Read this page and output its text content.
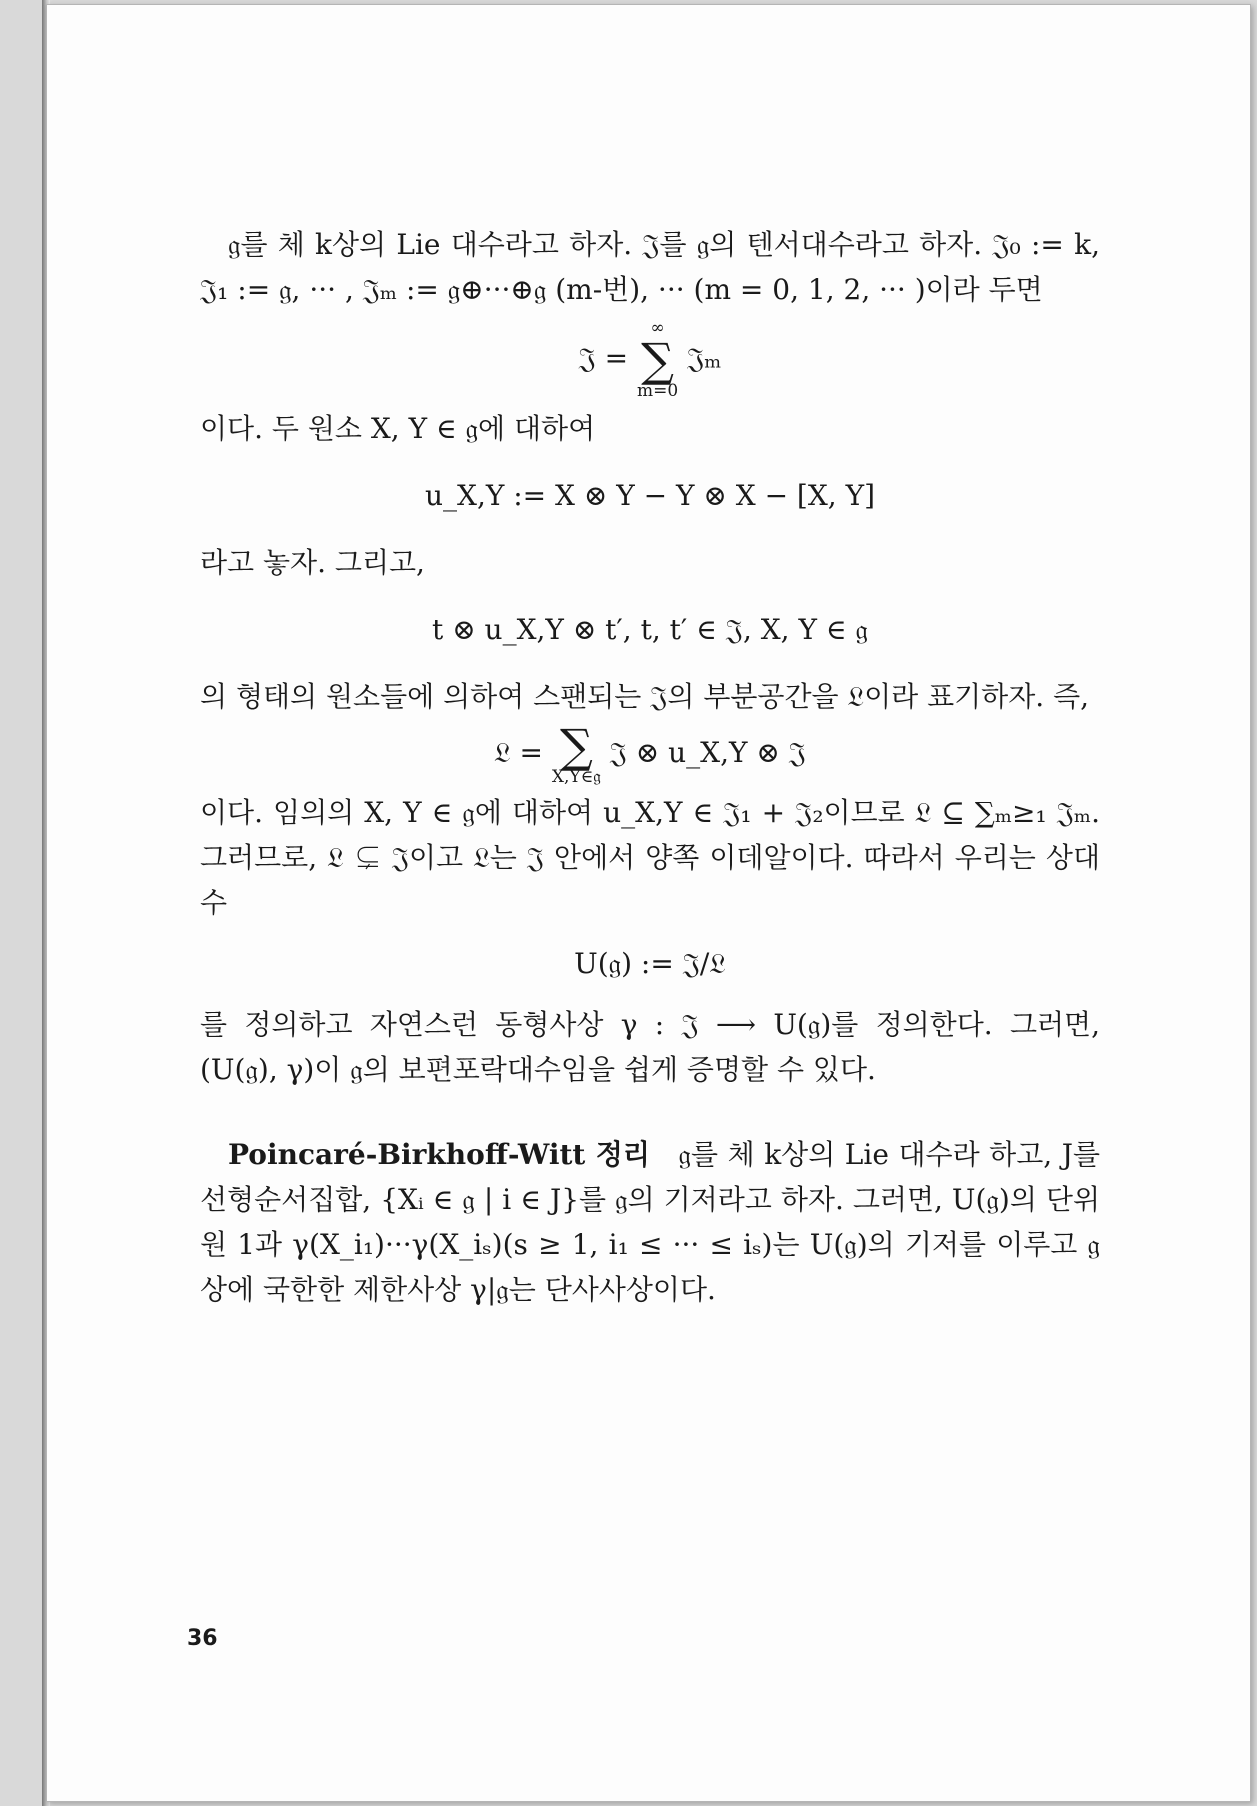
𝔤를 체 k상의 Lie 대수라고 하자. 𝔍를 𝔤의 텐서대수라고 하자. 𝔍₀ := k, 𝔍₁ := 𝔤, ··· , 𝔍ₘ := 𝔤⊕···⊕𝔤 (m-번), ··· (m = 0, 1, 2, ··· )이라 두면

𝔍 =
∞
∑
m=0
𝔍ₘ

이다. 두 원소 X, Y ∈ 𝔤에 대하여

u_X,Y := X ⊗ Y − Y ⊗ X − [X, Y]

라고 놓자. 그리고,

t ⊗ u_X,Y ⊗ t′, t, t′ ∈ 𝔍, X, Y ∈ 𝔤

의 형태의 원소들에 의하여 스팬되는 𝔍의 부분공간을 𝔏이라 표기하자. 즉,

𝔏 = ∑
X,Y∈𝔤
𝔍 ⊗ u_X,Y ⊗ 𝔍

이다. 임의의 X, Y ∈ 𝔤에 대하여 u_X,Y ∈ 𝔍₁ + 𝔍₂이므로 𝔏 ⊆ ∑ₘ≥₁ 𝔍ₘ. 그러므로, 𝔏 ⊊ 𝔍이고 𝔏는 𝔍 안에서 양쪽 이데알이다. 따라서 우리는 상대수

U(𝔤) := 𝔍/𝔏

를 정의하고 자연스런 동형사상 γ : 𝔍 ⟶ U(𝔤)를 정의한다. 그러면, (U(𝔤), γ)이 𝔤의 보편포락대수임을 쉽게 증명할 수 있다.

Poincaré-Birkhoff-Witt 정리 𝔤를 체 k상의 Lie 대수라 하고, J를 선형순서집합, {Xᵢ ∈ 𝔤 | i ∈ J}를 𝔤의 기저라고 하자. 그러면, U(𝔤)의 단위원 1과 γ(X_i₁)···γ(X_iₛ)(s ≥ 1, i₁ ≤ ··· ≤ iₛ)는 U(𝔤)의 기저를 이루고 𝔤상에 국한한 제한사상 γ|𝔤는 단사사상이다.

36
